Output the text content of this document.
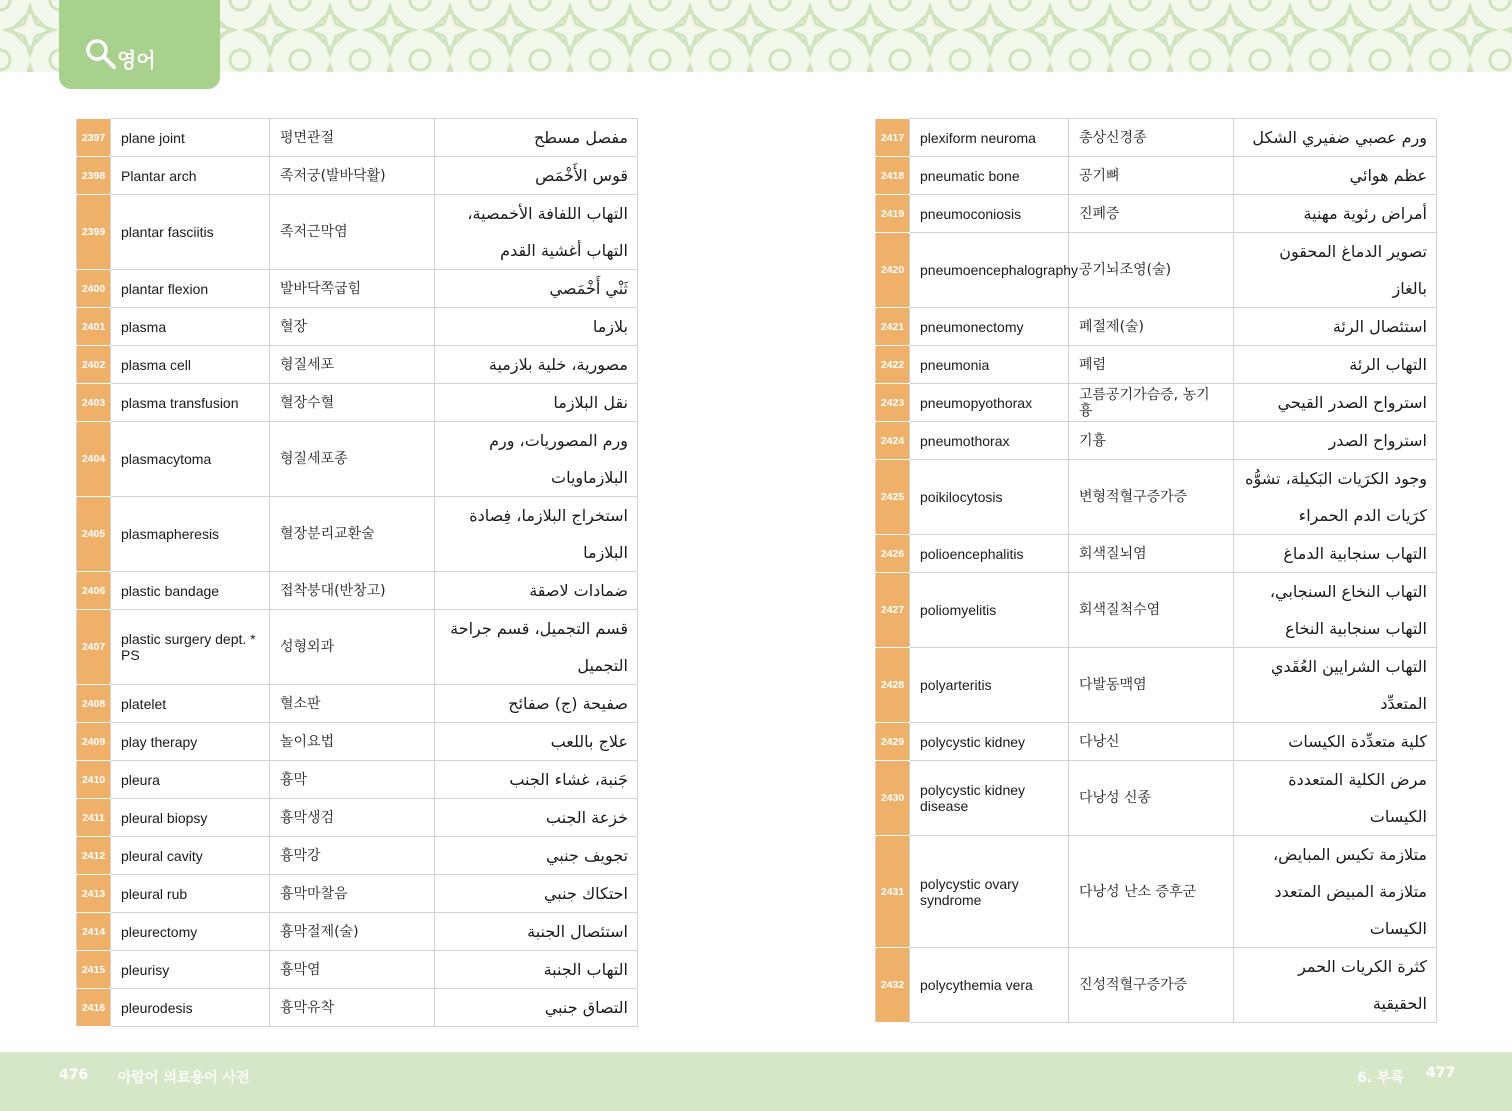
영어
2397	plane joint	평면관절	مفصل مسطح

2398	Plantar arch	족저궁(발바닥활)	قوس الأَخْمَص

2399	plantar fasciitis	족저근막염	التهاب اللفافة الأخمصية،
التهاب أغشية القدم

2400	plantar flexion	발바닥쪽굽힘	ثَنْي أَخْمَصي

2401	plasma	혈장	بلازما

2402	plasma cell	형질세포	مصورية، خلية بلازمية

2403	plasma transfusion	혈장수혈	نقل البلازما

2404	plasmacytoma	형질세포종	ورم المصوريات، ورم
البلازماويات

2405	plasmapheresis	혈장분리교환술	استخراج البلازما، فِصادة
البلازما

2406	plastic bandage	접착붕대(반창고)	ضمادات لاصقة

2407	plastic surgery dept. * PS	성형외과	قسم التجميل، قسم جراحة
التجميل

2408	platelet	혈소판	صفيحة (ج) صفائح

2409	play therapy	놀이요법	علاج باللعب

2410	pleura	흉막	جَنبة، غشاء الجنب

2411	pleural biopsy	흉막생검	خزعة الجنب

2412	pleural cavity	흉막강	تجويف جنبي

2413	pleural rub	흉막마찰음	احتكاك جنبي

2414	pleurectomy	흉막절제(술)	استئصال الجنبة

2415	pleurisy	흉막염	التهاب الجنبة

2416	pleurodesis	흉막유착	التصاق جنبي
2417	plexiform neuroma	총상신경종	ورم عصبي ضفيري الشكل

2418	pneumatic bone	공기뼈	عظم هوائي

2419	pneumoconiosis	진폐증	أمراض رئوية مهنية

2420	pneumoencephalography	공기뇌조영(술)	تصوير الدماغ المحقون
بالغاز

2421	pneumonectomy	폐절제(술)	استئصال الرئة

2422	pneumonia	폐렴	التهاب الرئة

2423	pneumopyothorax	고름공기가슴증, 농기흉	استرواح الصدر القيحي

2424	pneumothorax	기흉	استرواح الصدر

2425	poikilocytosis	변형적혈구증가증	وجود الكرَيات البَكيلة، تشوُّه
كرَيات الدم الحمراء

2426	polioencephalitis	회색질뇌염	التهاب سنجابية الدماغ

2427	poliomyelitis	회색질척수염	التهاب النخاع السنجابي،
التهاب سنجابية النخاع

2428	polyarteritis	다발동맥염	التهاب الشرايين العُقَدي
المتعدِّد

2429	polycystic kidney	다낭신	كلية متعدِّدة الكيسات

2430	polycystic kidney disease	다낭성 신종	مرض الكلية المتعددة
الكيسات

2431	polycystic ovary syndrome	다낭성 난소 증후군	متلازمة تكيس المبايض،
متلازمة المبيض المتعدد
الكيسات

2432	polycythemia vera	진성적혈구증가증	كثرة الكريات الحمر الحقيقية
476 아랍어 의료용어 사전	6. 부록 477
